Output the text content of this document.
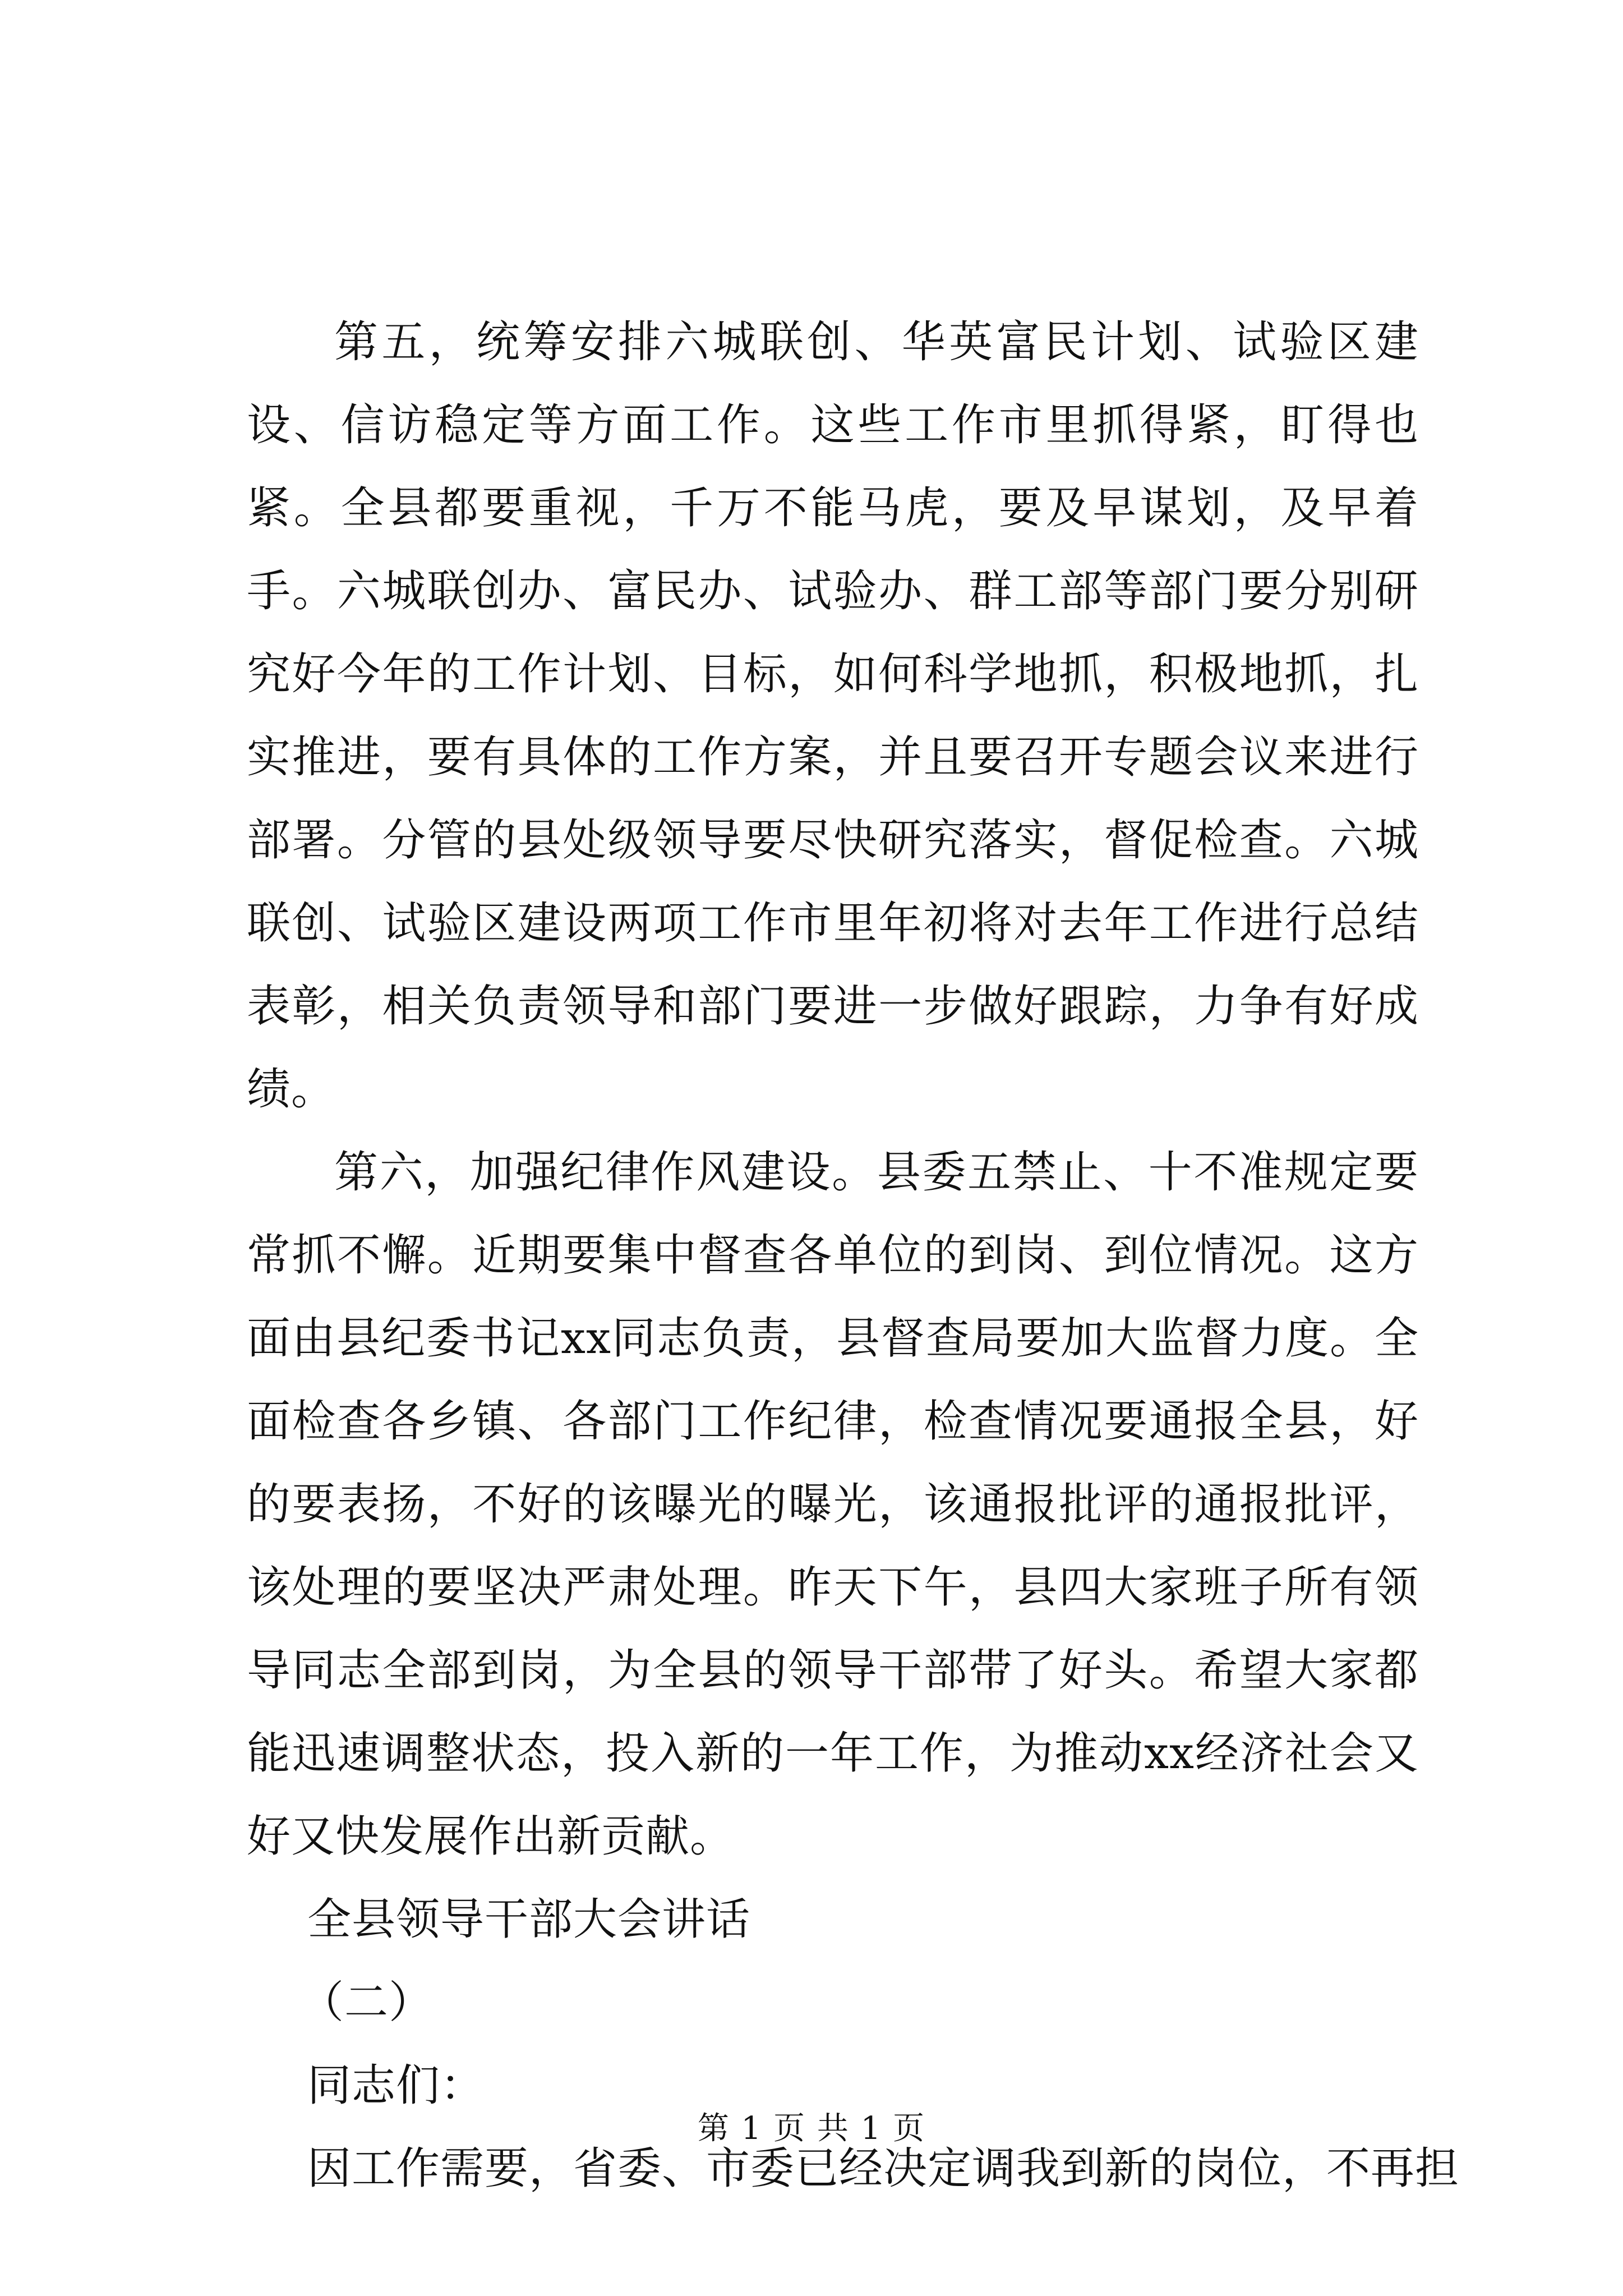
第五，统筹安排六城联创、华英富民计划、试验区建设、信访稳定等方面工作。这些工作市里抓得紧，盯得也紧。全县都要重视，千万不能马虎，要及早谋划，及早着手。六城联创办、富民办、试验办、群工部等部门要分别研究好今年的工作计划、目标，如何科学地抓，积极地抓，扎实推进，要有具体的工作方案，并且要召开专题会议来进行部署。分管的县处级领导要尽快研究落实，督促检查。六城联创、试验区建设两项工作市里年初将对去年工作进行总结表彰，相关负责领导和部门要进一步做好跟踪，力争有好成绩。

第六，加强纪律作风建设。县委五禁止、十不准规定要常抓不懈。近期要集中督查各单位的到岗、到位情况。这方面由县纪委书记xx同志负责，县督查局要加大监督力度。全面检查各乡镇、各部门工作纪律，检查情况要通报全县，好的要表扬，不好的该曝光的曝光，该通报批评的通报批评，该处理的要坚决严肃处理。昨天下午，县四大家班子所有领导同志全部到岗，为全县的领导干部带了好头。希望大家都能迅速调整状态，投入新的一年工作，为推动xx经济社会又好又快发展作出新贡献。

全县领导干部大会讲话

（二）

同志们：

因工作需要，省委、市委已经决定调我到新的岗位，不再担

第 1 页 共 1 页
